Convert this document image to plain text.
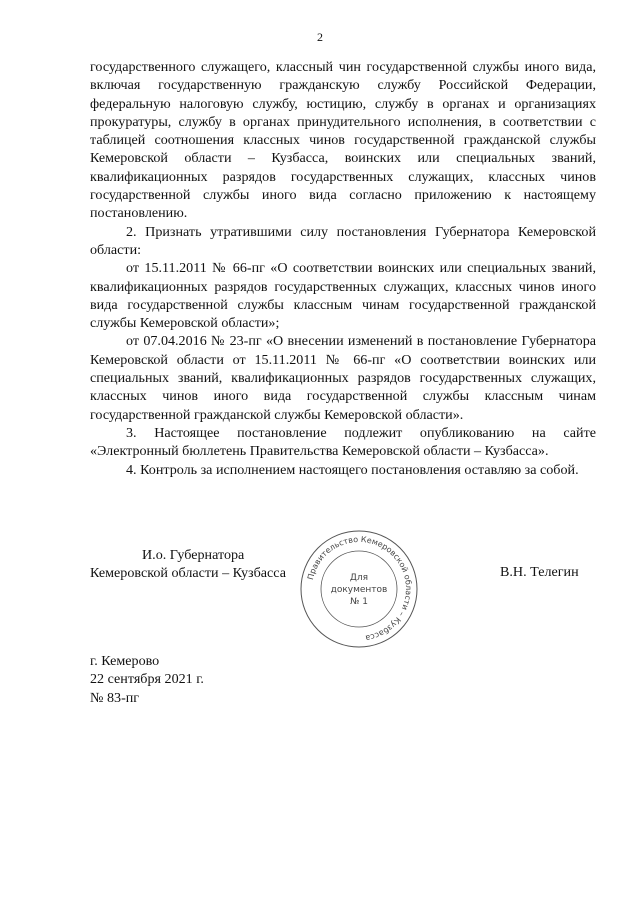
2

государственного служащего, классный чин государственной службы иного вида, включая государственную гражданскую службу Российской Федерации, федеральную налоговую службу, юстицию, службу в органах и организациях прокуратуры, службу в органах принудительного исполнения, в соответствии с таблицей соотношения классных чинов государственной гражданской службы Кемеровской области – Кузбасса, воинских или специальных званий, квалификационных разрядов государственных служащих, классных чинов государственной службы иного вида согласно приложению к настоящему постановлению.

2. Признать утратившими силу постановления Губернатора Кемеровской области:

от 15.11.2011 № 66-пг «О соответствии воинских или специальных званий, квалификационных разрядов государственных служащих, классных чинов иного вида государственной службы классным чинам государственной гражданской службы Кемеровской области»;

от 07.04.2016 № 23-пг «О внесении изменений в постановление Губернатора Кемеровской области от 15.11.2011 № 66-пг «О соответствии воинских или специальных званий, квалификационных разрядов государственных служащих, классных чинов иного вида государственной службы классным чинам государственной гражданской службы Кемеровской области».

3. Настоящее постановление подлежит опубликованию на сайте «Электронный бюллетень Правительства Кемеровской области – Кузбасса».

4. Контроль за исполнением настоящего постановления оставляю за собой.

И.о. Губернатора
Кемеровской области – Кузбасса Правительство Кемеровской области – Кузбасса
Для
документов
№ 1
В.Н. Телегин
г. Кемерово
22 сентября 2021 г.
№ 83-пг
